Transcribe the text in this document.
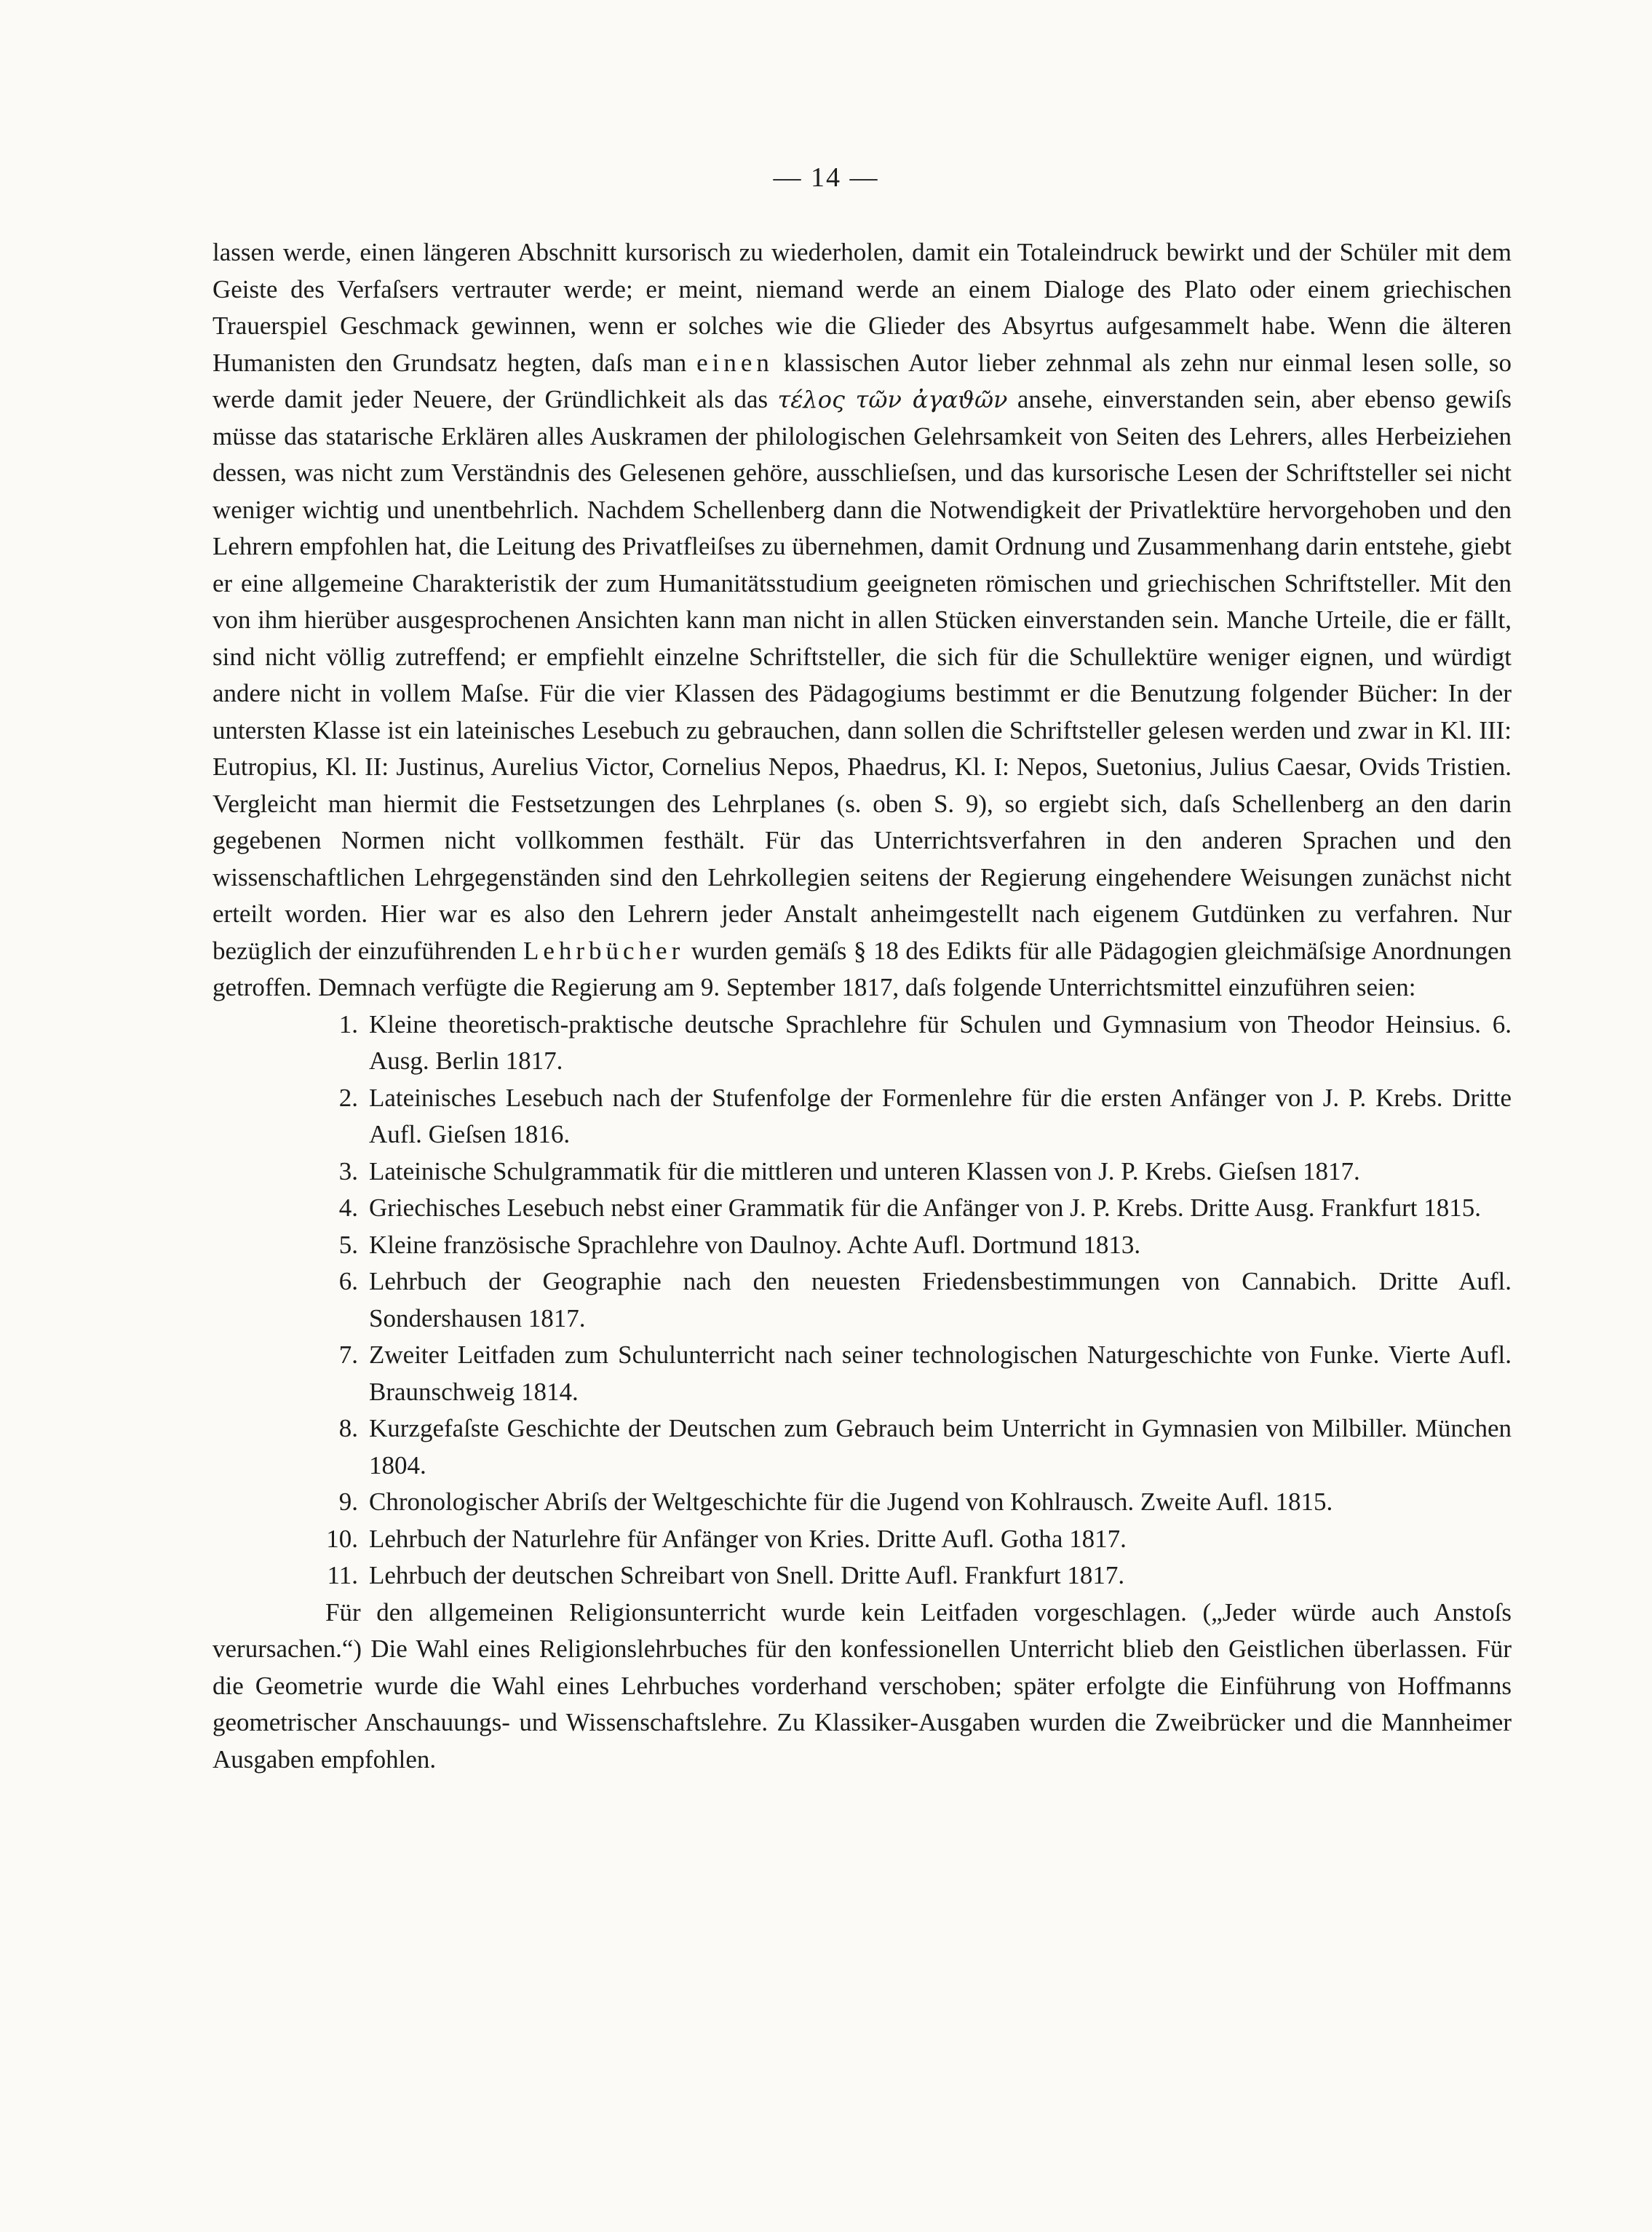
— 14 —

lassen werde, einen längeren Abschnitt kursorisch zu wiederholen, damit ein Totaleindruck bewirkt und der Schüler mit dem Geiste des Verfaſsers vertrauter werde; er meint, niemand werde an einem Dialoge des Plato oder einem griechischen Trauerspiel Geschmack gewinnen, wenn er solches wie die Glieder des Absyrtus aufgesammelt habe. Wenn die älteren Humanisten den Grundsatz hegten, daſs man einen klassischen Autor lieber zehnmal als zehn nur einmal lesen solle, so werde damit jeder Neuere, der Gründlichkeit als das τέλος τῶν ἀγαϑῶν ansehe, einverstanden sein, aber ebenso gewiſs müsse das statarische Erklären alles Auskramen der philologischen Gelehrsamkeit von Seiten des Lehrers, alles Herbeiziehen dessen, was nicht zum Verständnis des Gelesenen gehöre, ausschlieſsen, und das kursorische Lesen der Schriftsteller sei nicht weniger wichtig und unentbehrlich. Nachdem Schellenberg dann die Notwendigkeit der Privatlektüre hervorgehoben und den Lehrern empfohlen hat, die Leitung des Privatfleiſses zu übernehmen, damit Ordnung und Zusammenhang darin entstehe, giebt er eine allgemeine Charakteristik der zum Humanitätsstudium geeigneten römischen und griechischen Schriftsteller. Mit den von ihm hierüber ausgesprochenen Ansichten kann man nicht in allen Stücken einverstanden sein. Manche Urteile, die er fällt, sind nicht völlig zutreffend; er empfiehlt einzelne Schriftsteller, die sich für die Schullektüre weniger eignen, und würdigt andere nicht in vollem Maſse. Für die vier Klassen des Pädagogiums bestimmt er die Benutzung folgender Bücher: In der untersten Klasse ist ein lateinisches Lesebuch zu gebrauchen, dann sollen die Schriftsteller gelesen werden und zwar in Kl. III: Eutropius, Kl. II: Justinus, Aurelius Victor, Cornelius Nepos, Phaedrus, Kl. I: Nepos, Suetonius, Julius Caesar, Ovids Tristien. Vergleicht man hiermit die Festsetzungen des Lehrplanes (s. oben S. 9), so ergiebt sich, daſs Schellenberg an den darin gegebenen Normen nicht vollkommen festhält. Für das Unterrichtsverfahren in den anderen Sprachen und den wissenschaftlichen Lehrgegenständen sind den Lehrkollegien seitens der Regierung eingehendere Weisungen zunächst nicht erteilt worden. Hier war es also den Lehrern jeder Anstalt anheimgestellt nach eigenem Gutdünken zu verfahren. Nur bezüglich der einzuführenden Lehrbücher wurden gemäſs § 18 des Edikts für alle Pädagogien gleichmäſsige Anordnungen getroffen. Demnach verfügte die Regierung am 9. September 1817, daſs folgende Unterrichtsmittel einzuführen seien:

1. Kleine theoretisch-praktische deutsche Sprachlehre für Schulen und Gymnasium von Theodor Heinsius. 6. Ausg. Berlin 1817.
2. Lateinisches Lesebuch nach der Stufenfolge der Formenlehre für die ersten Anfänger von J. P. Krebs. Dritte Aufl. Gieſsen 1816.
3. Lateinische Schulgrammatik für die mittleren und unteren Klassen von J. P. Krebs. Gieſsen 1817.
4. Griechisches Lesebuch nebst einer Grammatik für die Anfänger von J. P. Krebs. Dritte Ausg. Frankfurt 1815.
5. Kleine französische Sprachlehre von Daulnoy. Achte Aufl. Dortmund 1813.
6. Lehrbuch der Geographie nach den neuesten Friedensbestimmungen von Cannabich. Dritte Aufl. Sondershausen 1817.
7. Zweiter Leitfaden zum Schulunterricht nach seiner technologischen Naturgeschichte von Funke. Vierte Aufl. Braunschweig 1814.
8. Kurzgefaſste Geschichte der Deutschen zum Gebrauch beim Unterricht in Gymnasien von Milbiller. München 1804.
9. Chronologischer Abriſs der Weltgeschichte für die Jugend von Kohlrausch. Zweite Aufl. 1815.
10. Lehrbuch der Naturlehre für Anfänger von Kries. Dritte Aufl. Gotha 1817.
11. Lehrbuch der deutschen Schreibart von Snell. Dritte Aufl. Frankfurt 1817.

Für den allgemeinen Religionsunterricht wurde kein Leitfaden vorgeschlagen. („Jeder würde auch Anstoſs verursachen.“) Die Wahl eines Religionslehrbuches für den konfessionellen Unterricht blieb den Geistlichen überlassen. Für die Geometrie wurde die Wahl eines Lehrbuches vorderhand verschoben; später erfolgte die Einführung von Hoffmanns geometrischer Anschauungs- und Wissenschaftslehre. Zu Klassiker-Ausgaben wurden die Zweibrücker und die Mannheimer Ausgaben empfohlen.
